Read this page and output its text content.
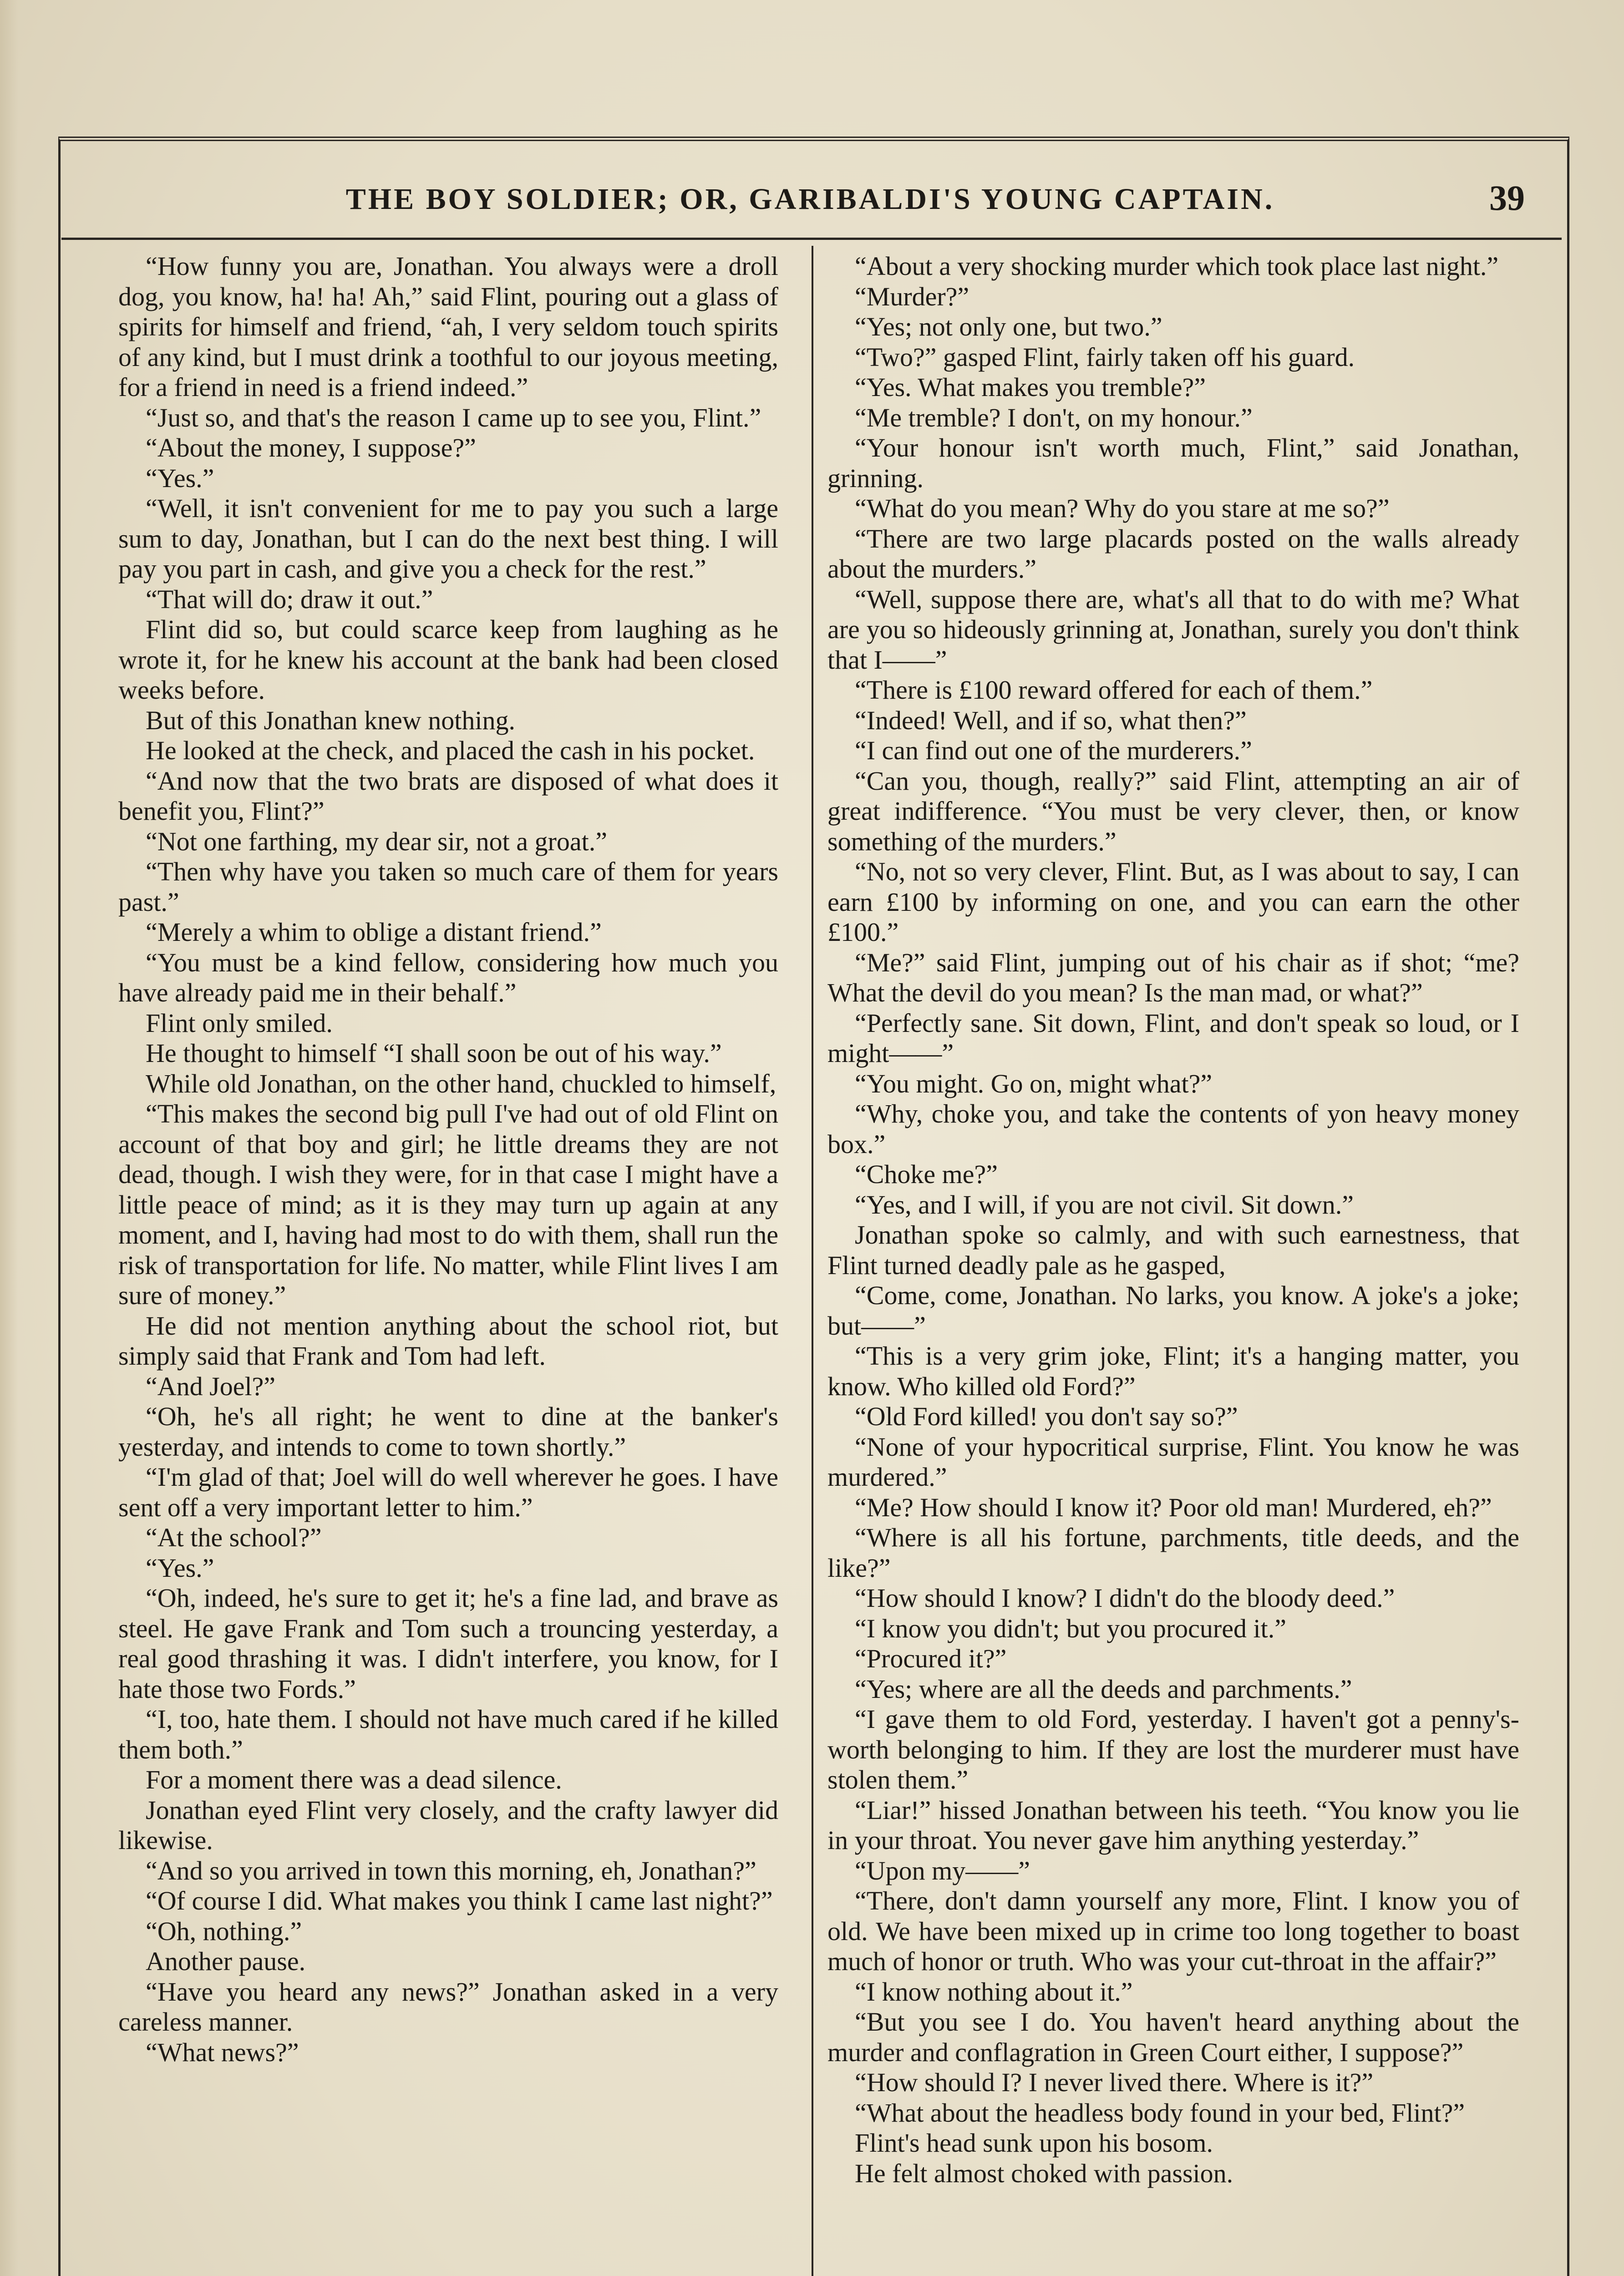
THE BOY SOLDIER; OR, GARIBALDI'S YOUNG CAPTAIN.	39

“How funny you are, Jonathan. You always were a droll dog, you know, ha! ha! Ah,” said Flint, pouring out a glass of spirits for himself and friend, “ah, I very seldom touch spirits of any kind, but I must drink a toothful to our joyous meeting, for a friend in need is a friend indeed.”

“Just so, and that's the reason I came up to see you, Flint.”

“About the money, I suppose?”

“Yes.”

“Well, it isn't convenient for me to pay you such a large sum to day, Jonathan, but I can do the next best thing. I will pay you part in cash, and give you a check for the rest.”

“That will do; draw it out.”

Flint did so, but could scarce keep from laughing as he wrote it, for he knew his account at the bank had been closed weeks before.

But of this Jonathan knew nothing.

He looked at the check, and placed the cash in his pocket.

“And now that the two brats are disposed of what does it benefit you, Flint?”

“Not one farthing, my dear sir, not a groat.”

“Then why have you taken so much care of them for years past.”

“Merely a whim to oblige a distant friend.”

“You must be a kind fellow, considering how much you have already paid me in their behalf.”

Flint only smiled.

He thought to himself “I shall soon be out of his way.”

While old Jonathan, on the other hand, chuckled to himself,

“This makes the second big pull I've had out of old Flint on account of that boy and girl; he little dreams they are not dead, though. I wish they were, for in that case I might have a little peace of mind; as it is they may turn up again at any moment, and I, having had most to do with them, shall run the risk of transportation for life. No matter, while Flint lives I am sure of money.”

He did not mention anything about the school riot, but simply said that Frank and Tom had left.

“And Joel?”

“Oh, he's all right; he went to dine at the banker's yesterday, and intends to come to town shortly.”

“I'm glad of that; Joel will do well wherever he goes. I have sent off a very important letter to him.”

“At the school?”

“Yes.”

“Oh, indeed, he's sure to get it; he's a fine lad, and brave as steel. He gave Frank and Tom such a trouncing yesterday, a real good thrashing it was. I didn't interfere, you know, for I hate those two Fords.”

“I, too, hate them. I should not have much cared if he killed them both.”

For a moment there was a dead silence.

Jonathan eyed Flint very closely, and the crafty lawyer did likewise.

“And so you arrived in town this morning, eh, Jonathan?”

“Of course I did. What makes you think I came last night?”

“Oh, nothing.”

Another pause.

“Have you heard any news?” Jonathan asked in a very careless manner.

“What news?”

“About a very shocking murder which took place last night.”

“Murder?”

“Yes; not only one, but two.”

“Two?” gasped Flint, fairly taken off his guard.

“Yes. What makes you tremble?”

“Me tremble? I don't, on my honour.”

“Your honour isn't worth much, Flint,” said Jonathan, grinning.

“What do you mean? Why do you stare at me so?”

“There are two large placards posted on the walls already about the murders.”

“Well, suppose there are, what's all that to do with me? What are you so hideously grinning at, Jonathan, surely you don't think that I——”

“There is £100 reward offered for each of them.”

“Indeed! Well, and if so, what then?”

“I can find out one of the murderers.”

“Can you, though, really?” said Flint, attempting an air of great indifference. “You must be very clever, then, or know something of the murders.”

“No, not so very clever, Flint. But, as I was about to say, I can earn £100 by informing on one, and you can earn the other £100.”

“Me?” said Flint, jumping out of his chair as if shot; “me? What the devil do you mean? Is the man mad, or what?”

“Perfectly sane. Sit down, Flint, and don't speak so loud, or I might——”

“You might. Go on, might what?”

“Why, choke you, and take the contents of yon heavy money box.”

“Choke me?”

“Yes, and I will, if you are not civil. Sit down.”

Jonathan spoke so calmly, and with such earnestness, that Flint turned deadly pale as he gasped,

“Come, come, Jonathan. No larks, you know. A joke's a joke; but——”

“This is a very grim joke, Flint; it's a hanging matter, you know. Who killed old Ford?”

“Old Ford killed! you don't say so?”

“None of your hypocritical surprise, Flint. You know he was murdered.”

“Me? How should I know it? Poor old man! Murdered, eh?”

“Where is all his fortune, parchments, title deeds, and the like?”

“How should I know? I didn't do the bloody deed.”

“I know you didn't; but you procured it.”

“Procured it?”

“Yes; where are all the deeds and parchments.”

“I gave them to old Ford, yesterday. I haven't got a penny's-worth belonging to him. If they are lost the murderer must have stolen them.”

“Liar!” hissed Jonathan between his teeth. “You know you lie in your throat. You never gave him anything yesterday.”

“Upon my——”

“There, don't damn yourself any more, Flint. I know you of old. We have been mixed up in crime too long together to boast much of honor or truth. Who was your cut-throat in the affair?”

“I know nothing about it.”

“But you see I do. You haven't heard anything about the murder and conflagration in Green Court either, I suppose?”

“How should I? I never lived there. Where is it?”

“What about the headless body found in your bed, Flint?”

Flint's head sunk upon his bosom.

He felt almost choked with passion.
